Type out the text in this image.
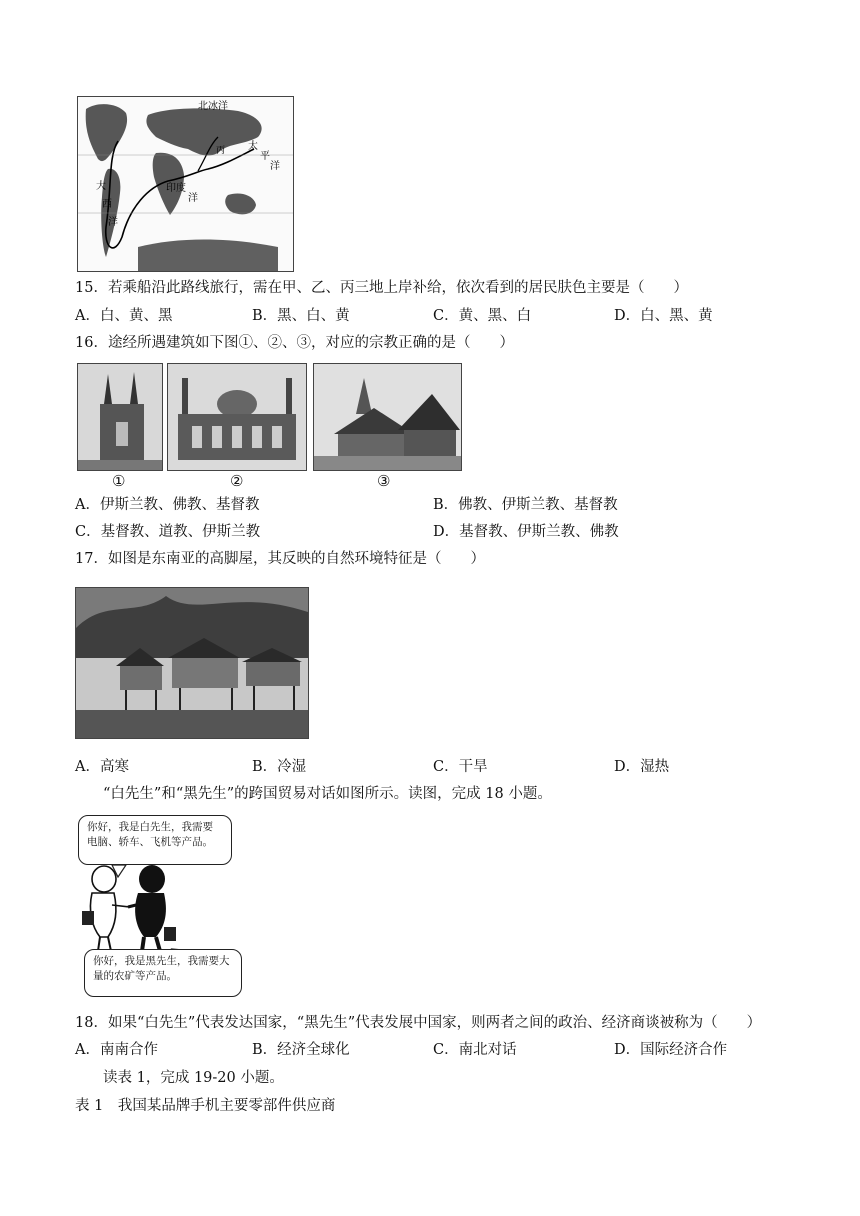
北冰洋
大
西
洋
印度
洋
太
平
洋
丙
15．若乘船沿此路线旅行，需在甲、乙、丙三地上岸补给，依次看到的居民肤色主要是（　　）
A．白、黄、黑	B．黑、白、黄	C．黄、黑、白	D．白、黑、黄
16．途经所遇建筑如下图①、②、③，对应的宗教正确的是（　　）
①	②	③
A．伊斯兰教、佛教、基督教	B．佛教、伊斯兰教、基督教
C．基督教、道教、伊斯兰教	D．基督教、伊斯兰教、佛教
17．如图是东南亚的高脚屋，其反映的自然环境特征是（　　）
A．高寒	B．冷湿	C．干旱	D．湿热
“白先生”和“黑先生”的跨国贸易对话如图所示。读图，完成 18 小题。
你好，我是白先生，我需要电脑、轿车、飞机等产品。
你好，我是黑先生，我需要大量的农矿等产品。
18．如果“白先生”代表发达国家，“黑先生”代表发展中国家，则两者之间的政治、经济商谈被称为（　　）
A．南南合作	B．经济全球化	C．南北对话	D．国际经济合作
读表 1，完成 19-20 小题。
表 1　我国某品牌手机主要零部件供应商
